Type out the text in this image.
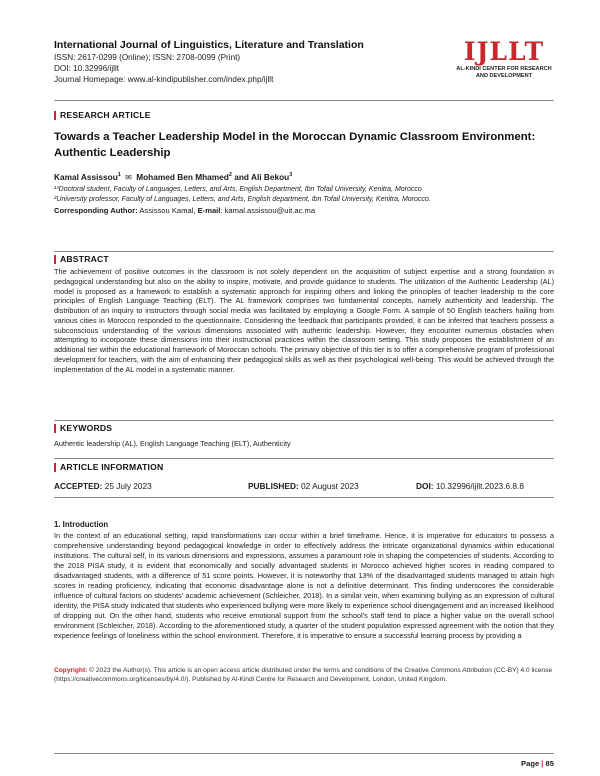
International Journal of Linguistics, Literature and Translation
ISSN: 2617-0299 (Online); ISSN: 2708-0099 (Print)
DOI: 10.32996/ijllt
Journal Homepage: www.al-kindipublisher.com/index.php/ijllt
IJLLT
AL-KINDI CENTER FOR RESEARCH
AND DEVELOPMENT
RESEARCH ARTICLE
Towards a Teacher Leadership Model in the Moroccan Dynamic Classroom Environment: Authentic Leadership
Kamal Assissou$^1$ ✉ Mohamed Ben Mhamed$^2$ and Ali Bekou$^3$
¹³Doctoral student, Faculty of Languages, Letters, and Arts, English Department, Ibn Tofail University, Kenitra, Morocco
²University professor, Faculty of Languages, Letters, and Arts, English department, Ibn Tofail University, Kenitra, Morocco.
Corresponding Author: Assissou Kamal, E-mail: kamal.assissou@uit.ac.ma
ABSTRACT
The achievement of positive outcomes in the classroom is not solely dependent on the acquisition of subject expertise and a strong foundation in pedagogical understanding but also on the ability to inspire, motivate, and provide guidance to students. The utilization of the Authentic Leadership (AL) model is proposed as a framework to establish a systematic approach for inspiring others and linking the principles of teacher leadership to the core principles of English Language Teaching (ELT). The AL framework comprises two fundamental concepts, namely authenticity and leadership. The distribution of an inquiry to instructors through social media was facilitated by employing a Google Form. A sample of 50 English teachers hailing from various cities in Morocco responded to the questionnaire. Considering the feedback that participants provided, it can be inferred that teachers possess a subconscious understanding of the various dimensions associated with authentic leadership. However, they encounter numerous obstacles when attempting to incorporate these dimensions into their instructional practices within the classroom setting. This study proposes the establishment of an additional tier within the educational framework of Moroccan schools. The primary objective of this tier is to offer a comprehensive program of professional development for teachers, with the aim of enhancing their pedagogical skills as well as their psychological well-being. This would be achieved through the implementation of the AL model in a systematic manner.
KEYWORDS
Authentic leadership (AL), English Language Teaching (ELT), Authenticity
ARTICLE INFORMATION
ACCEPTED: 25 July 2023	PUBLISHED: 02 August 2023	DOI: 10.32996/ijllt.2023.6.8.8
1. Introduction
In the context of an educational setting, rapid transformations can occur within a brief timeframe. Hence, it is imperative for educators to possess a comprehensive understanding beyond pedagogical knowledge in order to effectively address the intricate organizational dynamics within educational institutions. The cultural self, in its various dimensions and expressions, assumes a paramount role in shaping the competencies of students. According to the 2018 PISA study, it is evident that economically and socially advantaged students in Morocco achieved higher scores in reading compared to disadvantaged students, with a difference of 51 score points. However, it is noteworthy that 13% of the disadvantaged students managed to attain high scores in reading proficiency, indicating that economic disadvantage alone is not a definitive determinant. This finding underscores the considerable influence of cultural factors on students' academic achievement (Schleicher, 2018). In a similar vein, when examining bullying as an expression of cultural identity, the PISA study indicated that students who experienced bullying were more likely to experience school disengagement and an increased likelihood of dropping out. On the other hand, students who receive emotional support from the school's staff tend to place a higher value on the overall school environment (Schleicher, 2018). According to the aforementioned study, a quarter of the student population expressed agreement with the notion that they experience feelings of loneliness within the school environment. Therefore, it is imperative to ensure a successful learning process by providing a
Copyright: © 2023 the Author(s). This article is an open access article distributed under the terms and conditions of the Creative Commons Attribution (CC-BY) 4.0 license (https://creativecommons.org/licenses/by/4.0/). Published by Al-Kindi Centre for Research and Development, London, United Kingdom.
Page | 85
